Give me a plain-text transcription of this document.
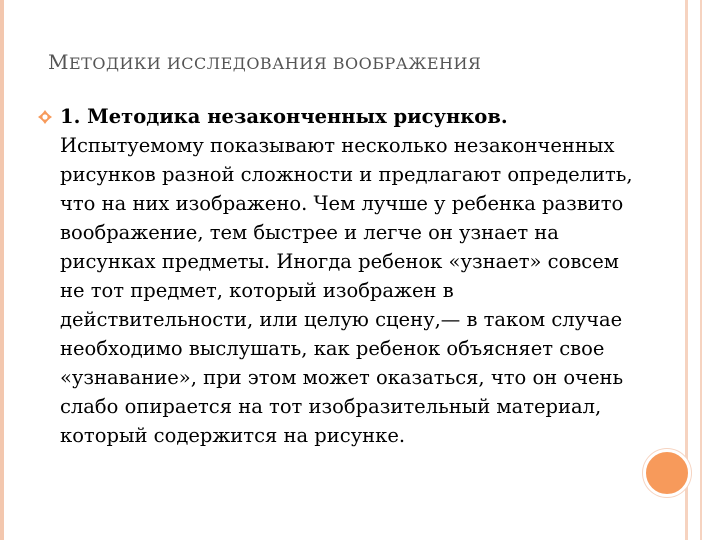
МЕТОДИКИ ИССЛЕДОВАНИЯ ВООБРАЖЕНИЯ
1. Методика незаконченных рисунков.
Испытуемому показывают несколько незаконченных рисунков разной сложности и предлагают определить, что на них изображено. Чем лучше у ребенка развито воображение, тем быстрее и легче он узнает на рисунках предметы. Иногда ребенок «узнает» совсем не тот предмет, который изображен в действительности, или целую сцену,— в таком случае необходимо выслушать, как ребенок объясняет свое «узнавание», при этом может оказаться, что он очень слабо опирается на тот изобразительный материал, который содержится на рисунке.
